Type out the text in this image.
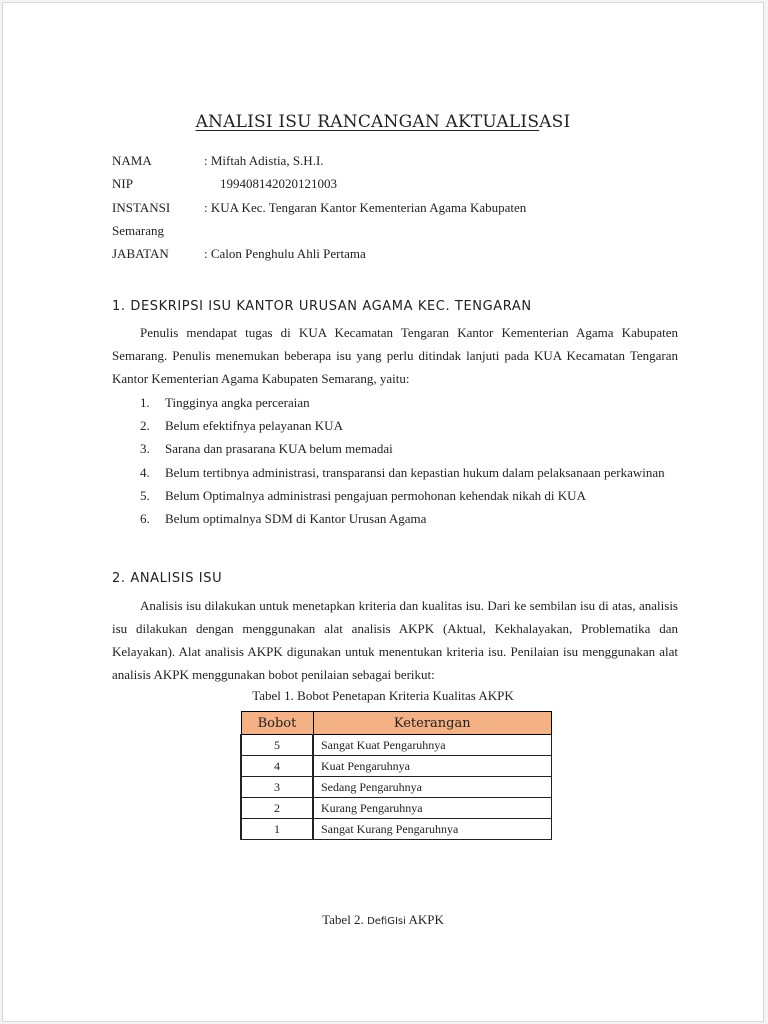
ANALISI ISU RANCANGAN AKTUALISASI
NAMA	: Miftah Adistia, S.H.I.
NIP	199408142020121003
INSTANSI	: KUA Kec. Tengaran Kantor Kementerian Agama Kabupaten
Semarang
JABATAN	: Calon Penghulu Ahli Pertama
1. DESKRIPSI ISU KANTOR URUSAN AGAMA KEC. TENGARAN
Penulis mendapat tugas di KUA Kecamatan Tengaran Kantor Kementerian Agama Kabupaten Semarang. Penulis menemukan beberapa isu yang perlu ditindak lanjuti pada KUA Kecamatan Tengaran Kantor Kementerian Agama Kabupaten Semarang, yaitu:
1.	Tingginya angka perceraian
2.	Belum efektifnya pelayanan KUA
3.	Sarana dan prasarana KUA belum memadai
4.	Belum tertibnya administrasi, transparansi dan kepastian hukum dalam pelaksanaan perkawinan
5.	Belum Optimalnya administrasi pengajuan permohonan kehendak nikah di KUA
6.	Belum optimalnya SDM di Kantor Urusan Agama
2. ANALISIS ISU
Analisis isu dilakukan untuk menetapkan kriteria dan kualitas isu. Dari ke sembilan isu di atas, analisis isu dilakukan dengan menggunakan alat analisis AKPK (Aktual, Kekhalayakan, Problematika dan Kelayakan). Alat analisis AKPK digunakan untuk menentukan kriteria isu. Penilaian isu menggunakan alat analisis AKPK menggunakan bobot penilaian sebagai berikut:
Tabel 1. Bobot Penetapan Kriteria Kualitas AKPK
Bobot	Keterangan
5	Sangat Kuat Pengaruhnya
4	Kuat Pengaruhnya
3	Sedang Pengaruhnya
2	Kurang Pengaruhnya
1	Sangat Kurang Pengaruhnya
Tabel 2. DefiGIsi AKPK
